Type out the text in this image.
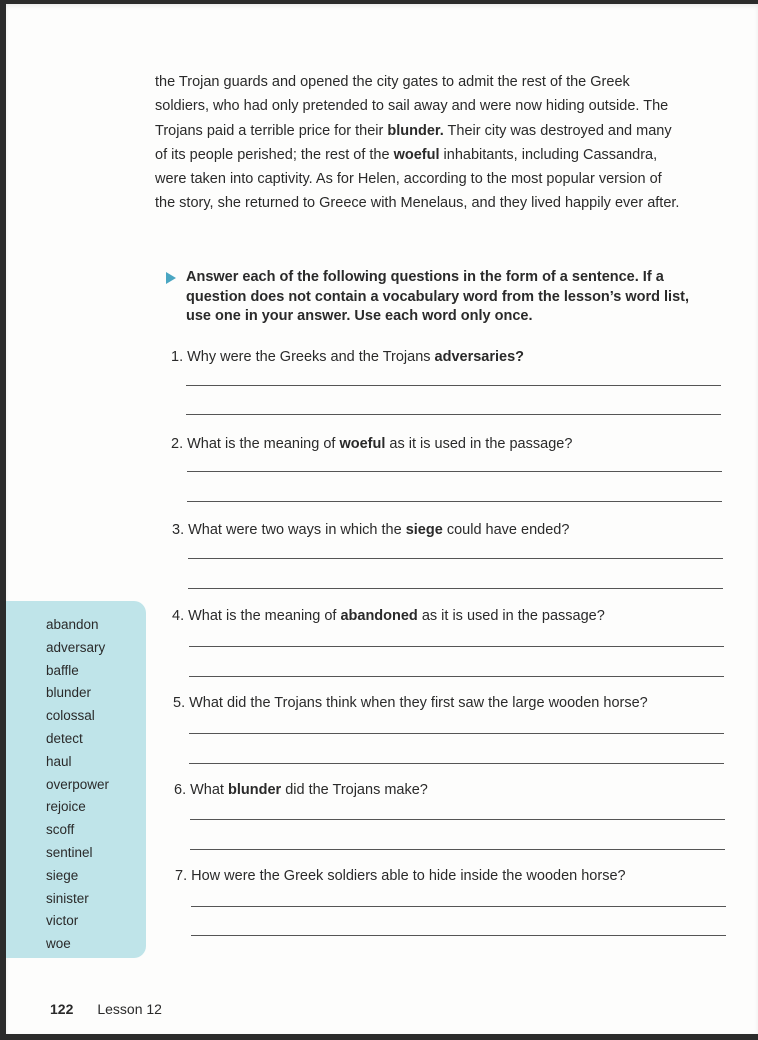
the Trojan guards and opened the city gates to admit the rest of the Greek soldiers, who had only pretended to sail away and were now hiding outside. The Trojans paid a terrible price for their blunder. Their city was destroyed and many of its people perished; the rest of the woeful inhabitants, including Cassandra, were taken into captivity. As for Helen, according to the most popular version of the story, she returned to Greece with Menelaus, and they lived happily ever after.

Answer each of the following questions in the form of a sentence. If a question does not contain a vocabulary word from the lesson’s word list, use one in your answer. Use each word only once.
1. Why were the Greeks and the Trojans adversaries?
2. What is the meaning of woeful as it is used in the passage?
3. What were two ways in which the siege could have ended?
4. What is the meaning of abandoned as it is used in the passage?
5. What did the Trojans think when they first saw the large wooden horse?
6. What blunder did the Trojans make?
7. How were the Greek soldiers able to hide inside the wooden horse?
abandon
adversary
baffle
blunder
colossal
detect
haul
overpower
rejoice
scoff
sentinel
siege
sinister
victor
woe
122 Lesson 12
